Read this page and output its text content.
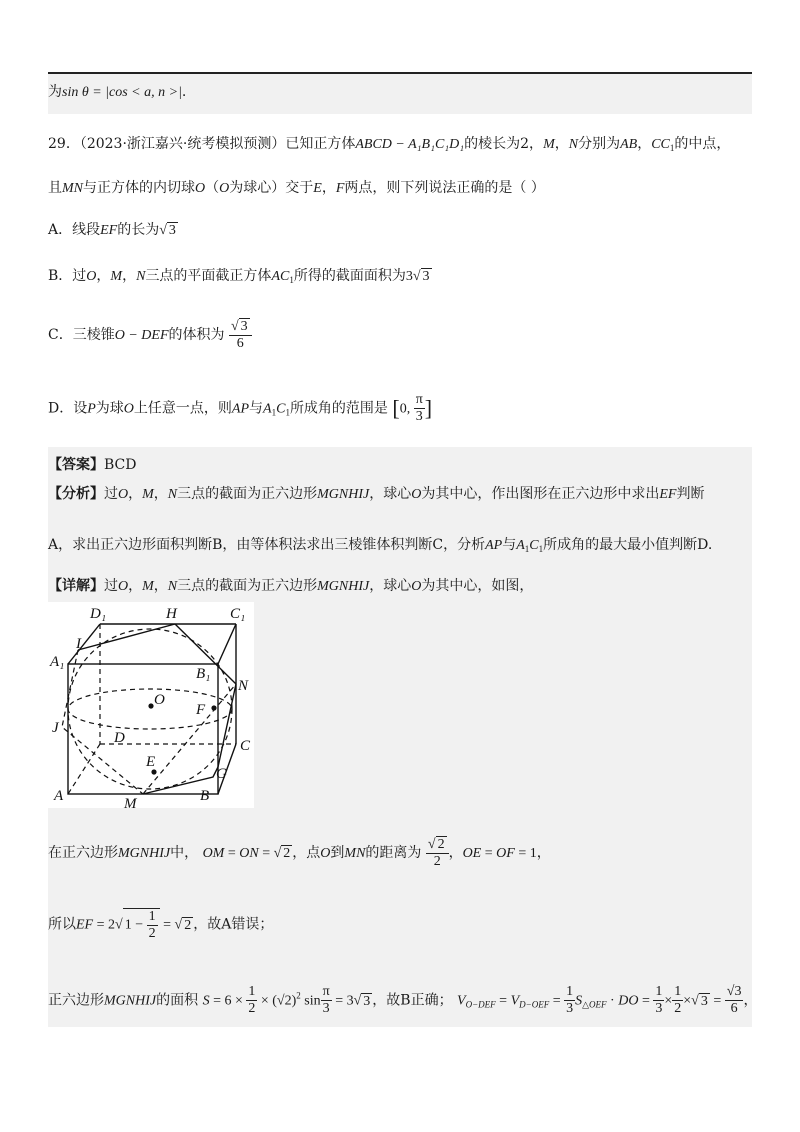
为sin θ = |cos < a, n >|.
29．（2023·浙江嘉兴·统考模拟预测）已知正方体ABCD − A₁B₁C₁D₁的棱长为2，M，N分别为AB，$CC_1$的中点，
且MN与正方体的内切球O（O为球心）交于E，F两点，则下列说法正确的是（ ）
A．线段EF的长为√ 3
B．过O，M，N三点的平面截正方体$AC_1$所得的截面面积为3√ 3
C．三棱锥O − DEF的体积为 $\frac{√ 3}{6}$
D．设P为球O上任意一点，则AP与$A_1C_1$所成角的范围是 [0, $\frac{\pi}{3}$ ]
【答案】BCD
【分析】过O，M，N三点的截面为正六边形MGNHIJ，球心O为其中心，作出图形在正六边形中求出EF判断
A，求出正六边形面积判断B，由等体积法求出三棱锥体积判断C，分析AP与$A_1C_1$所成角的最大最小值判断D.
【详解】过O，M，N三点的截面为正六边形MGNHIJ，球心O为其中心，如图，
D₁	H	C₁
I
A₁
B₁
N
O
F
J
D	C
E
G
A	M	B
在正六边形MGNHIJ中， OM = ON = √ 2 ，点O到MN的距离为 $\frac{√ 2}{2}$ ，OE = OF = 1，
所以EF = 2√ $1 - \frac{1}{2}$ = √ 2 ，故A错误；
正六边形MGNHIJ的面积 $S = 6 \times \frac{1}{2} \times (√2)^2$ $\sin \frac{\pi}{3} = 3√$ 3 ，故B正确； $V_{O-DEF} = V_{D-OEF} = \frac{1}{3} S_{\triangle OEF}$ · DO = $\frac{1}{3} \times \frac{1}{2}$ ×√ $3 = \frac{√3}{6}$ ，
